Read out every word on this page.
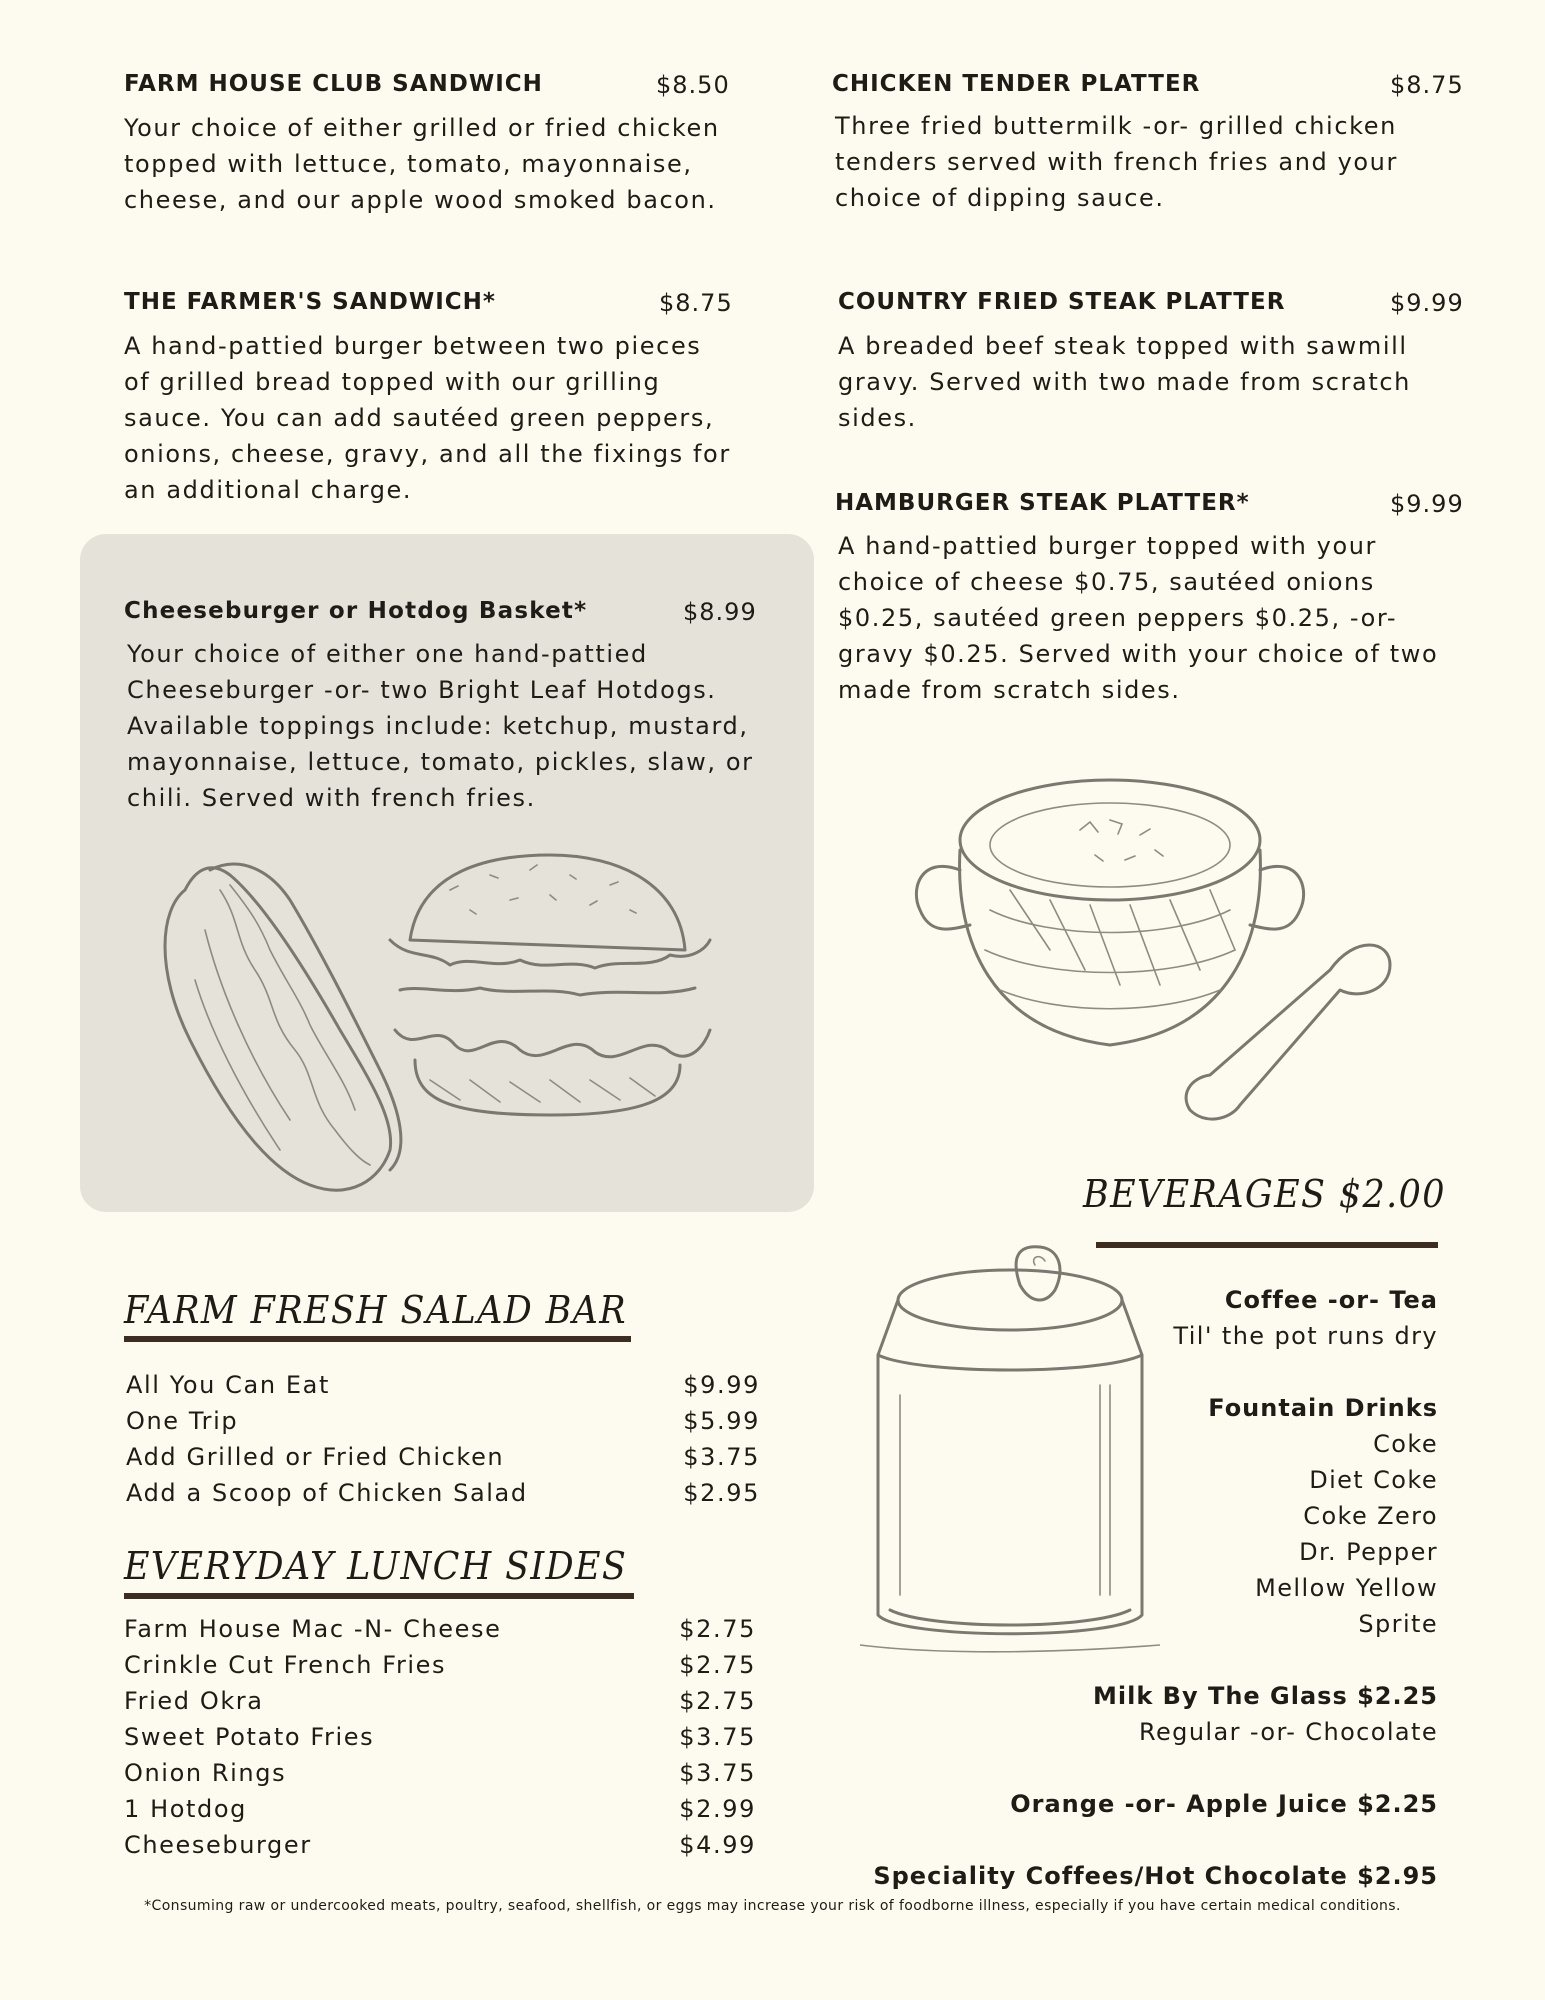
FARM HOUSE CLUB SANDWICH	$8.50
Your choice of either grilled or fried chicken
topped with lettuce, tomato, mayonnaise,
cheese, and our apple wood smoked bacon.
THE FARMER'S SANDWICH*	$8.75
A hand-pattied burger between two pieces
of grilled bread topped with our grilling
sauce. You can add sautéed green peppers,
onions, cheese, gravy, and all the fixings for
an additional charge.
Cheeseburger or Hotdog Basket*	$8.99
Your choice of either one hand-pattied
Cheeseburger -or- two Bright Leaf Hotdogs.
Available toppings include: ketchup, mustard,
mayonnaise, lettuce, tomato, pickles, slaw, or
chili. Served with french fries.
CHICKEN TENDER PLATTER	$8.75
Three fried buttermilk -or- grilled chicken
tenders served with french fries and your
choice of dipping sauce.
COUNTRY FRIED STEAK PLATTER	$9.99
A breaded beef steak topped with sawmill
gravy. Served with two made from scratch
sides.
HAMBURGER STEAK PLATTER*	$9.99
A hand-pattied burger topped with your
choice of cheese $0.75, sautéed onions
$0.25, sautéed green peppers $0.25, -or-
gravy $0.25. Served with your choice of two
made from scratch sides.
BEVERAGES $2.00
Coffee -or- Tea
Til' the pot runs dry
Fountain Drinks
Coke
Diet Coke
Coke Zero
Dr. Pepper
Mellow Yellow
Sprite
Milk By The Glass $2.25
Regular -or- Chocolate
Orange -or- Apple Juice $2.25
Speciality Coffees/Hot Chocolate $2.95
FARM FRESH SALAD BAR
All You Can Eat	$9.99
One Trip	$5.99
Add Grilled or Fried Chicken	$3.75
Add a Scoop of Chicken Salad	$2.95
EVERYDAY LUNCH SIDES
Farm House Mac -N- Cheese	$2.75
Crinkle Cut French Fries	$2.75
Fried Okra	$2.75
Sweet Potato Fries	$3.75
Onion Rings	$3.75
1 Hotdog	$2.99
Cheeseburger	$4.99
*Consuming raw or undercooked meats, poultry, seafood, shellfish, or eggs may increase your risk of foodborne illness, especially if you have certain medical conditions.
